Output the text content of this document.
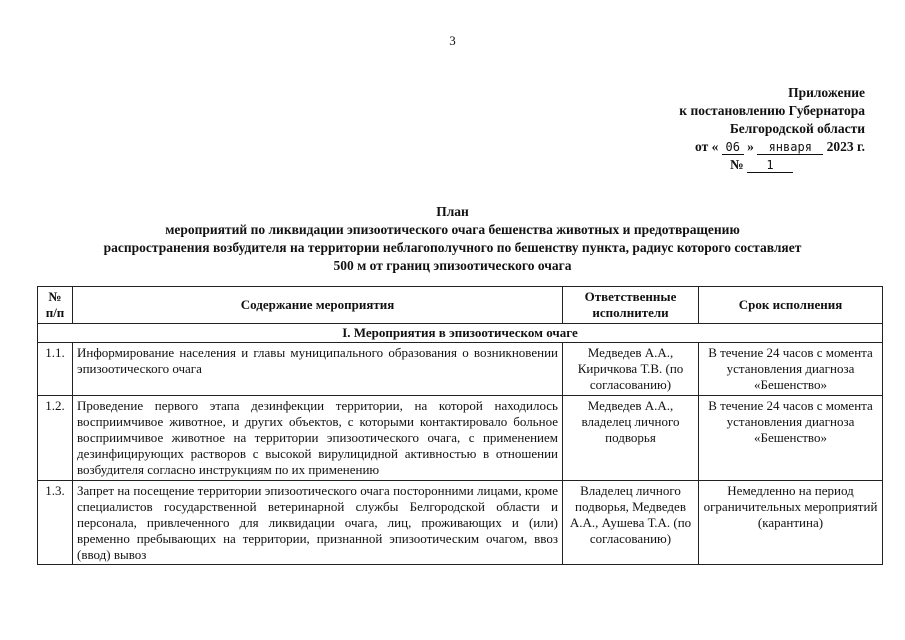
3
Приложение
к постановлению Губернатора
Белгородской области
от « 06 » января 2023 г.
№ 1
План
мероприятий по ликвидации эпизоотического очага бешенства животных и предотвращению
распространения возбудителя на территории неблагополучного по бешенству пункта, радиус которого составляет
500 м от границ эпизоотического очага
№ п/п	Содержание мероприятия	Ответственные исполнители	Срок исполнения
I. Мероприятия в эпизоотическом очаге			
1.1.	Информирование населения и главы муниципального образования о возникновении эпизоотического очага	Медведев А.А., Киричкова Т.В. (по согласованию)	В течение 24 часов с момента установления диагноза «Бешенство»
1.2.	Проведение первого этапа дезинфекции территории, на которой находилось восприимчивое животное, и других объектов, с которыми контактировало больное восприимчивое животное на территории эпизоотического очага, с применением дезинфицирующих растворов с высокой вирулицидной активностью в отношении возбудителя согласно инструкциям по их применению	Медведев А.А., владелец личного подворья	В течение 24 часов с момента установления диагноза «Бешенство»
1.3.	Запрет на посещение территории эпизоотического очага посторонними лицами, кроме специалистов государственной ветеринарной службы Белгородской области и персонала, привлеченного для ликвидации очага, лиц, проживающих и (или) временно пребывающих на территории, признанной эпизоотическим очагом, ввоз (ввод) вывоз	Владелец личного подворья, Медведев А.А., Аушева Т.А. (по согласованию)	Немедленно на период ограничительных мероприятий (карантина)
